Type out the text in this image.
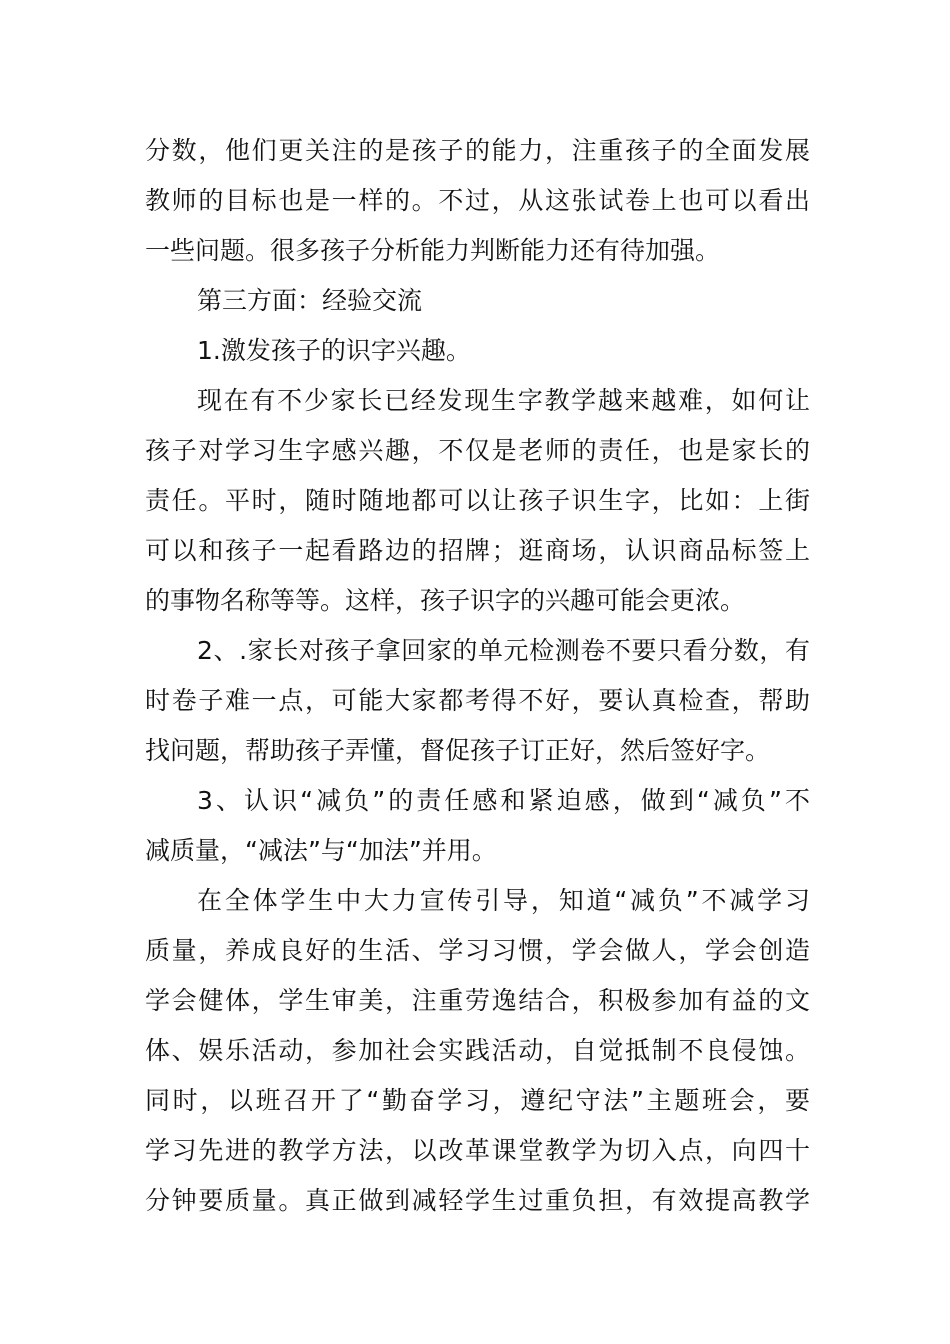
分数，他们更关注的是孩子的能力，注重孩子的全面发展
教师的目标也是一样的。不过，从这张试卷上也可以看出
一些问题。很多孩子分析能力判断能力还有待加强。
第三方面：经验交流
1.激发孩子的识字兴趣。
现在有不少家长已经发现生字教学越来越难，如何让
孩子对学习生字感兴趣，不仅是老师的责任，也是家长的
责任。平时，随时随地都可以让孩子识生字，比如：上街
可以和孩子一起看路边的招牌；逛商场，认识商品标签上
的事物名称等等。这样，孩子识字的兴趣可能会更浓。
2、.家长对孩子拿回家的单元检测卷不要只看分数，有
时卷子难一点，可能大家都考得不好，要认真检查，帮助
找问题，帮助孩子弄懂，督促孩子订正好，然后签好字。
3、认识“减负”的责任感和紧迫感，做到“减负”不
减质量，“减法”与“加法”并用。
在全体学生中大力宣传引导，知道“减负”不减学习
质量，养成良好的生活、学习习惯，学会做人，学会创造
学会健体，学生审美，注重劳逸结合，积极参加有益的文
体、娱乐活动，参加社会实践活动，自觉抵制不良侵蚀。
同时，以班召开了“勤奋学习，遵纪守法”主题班会，要
学习先进的教学方法，以改革课堂教学为切入点，向四十
分钟要质量。真正做到减轻学生过重负担，有效提高教学
